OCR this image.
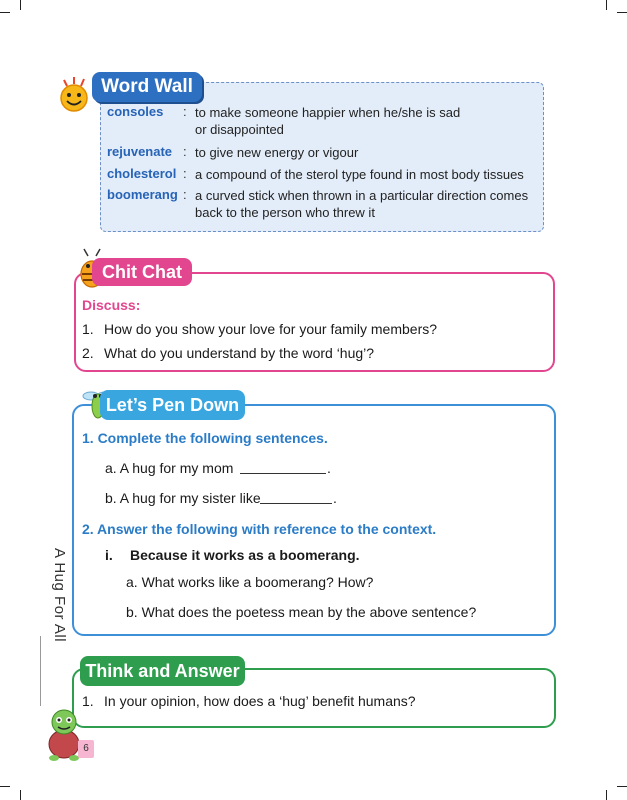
Word Wall
consoles : to make someone happier when he/she is sad
or disappointed
rejuvenate : to give new energy or vigour
cholesterol : a compound of the sterol type found in most body tissues
boomerang : a curved stick when thrown in a particular direction comes
back to the person who threw it
Chit Chat
Discuss:
1. How do you show your love for your family members?
2. What do you understand by the word ‘hug’?
Let’s Pen Down
1. Complete the following sentences.
a. A hug for my mom	.
b. A hug for my sister like	.
2. Answer the following with reference to the context.
i. Because it works as a boomerang.
a. What works like a boomerang? How?
b. What does the poetess mean by the above sentence?
Think and Answer
1. In your opinion, how does a ‘hug’ benefit humans?
A Hug For All
6
